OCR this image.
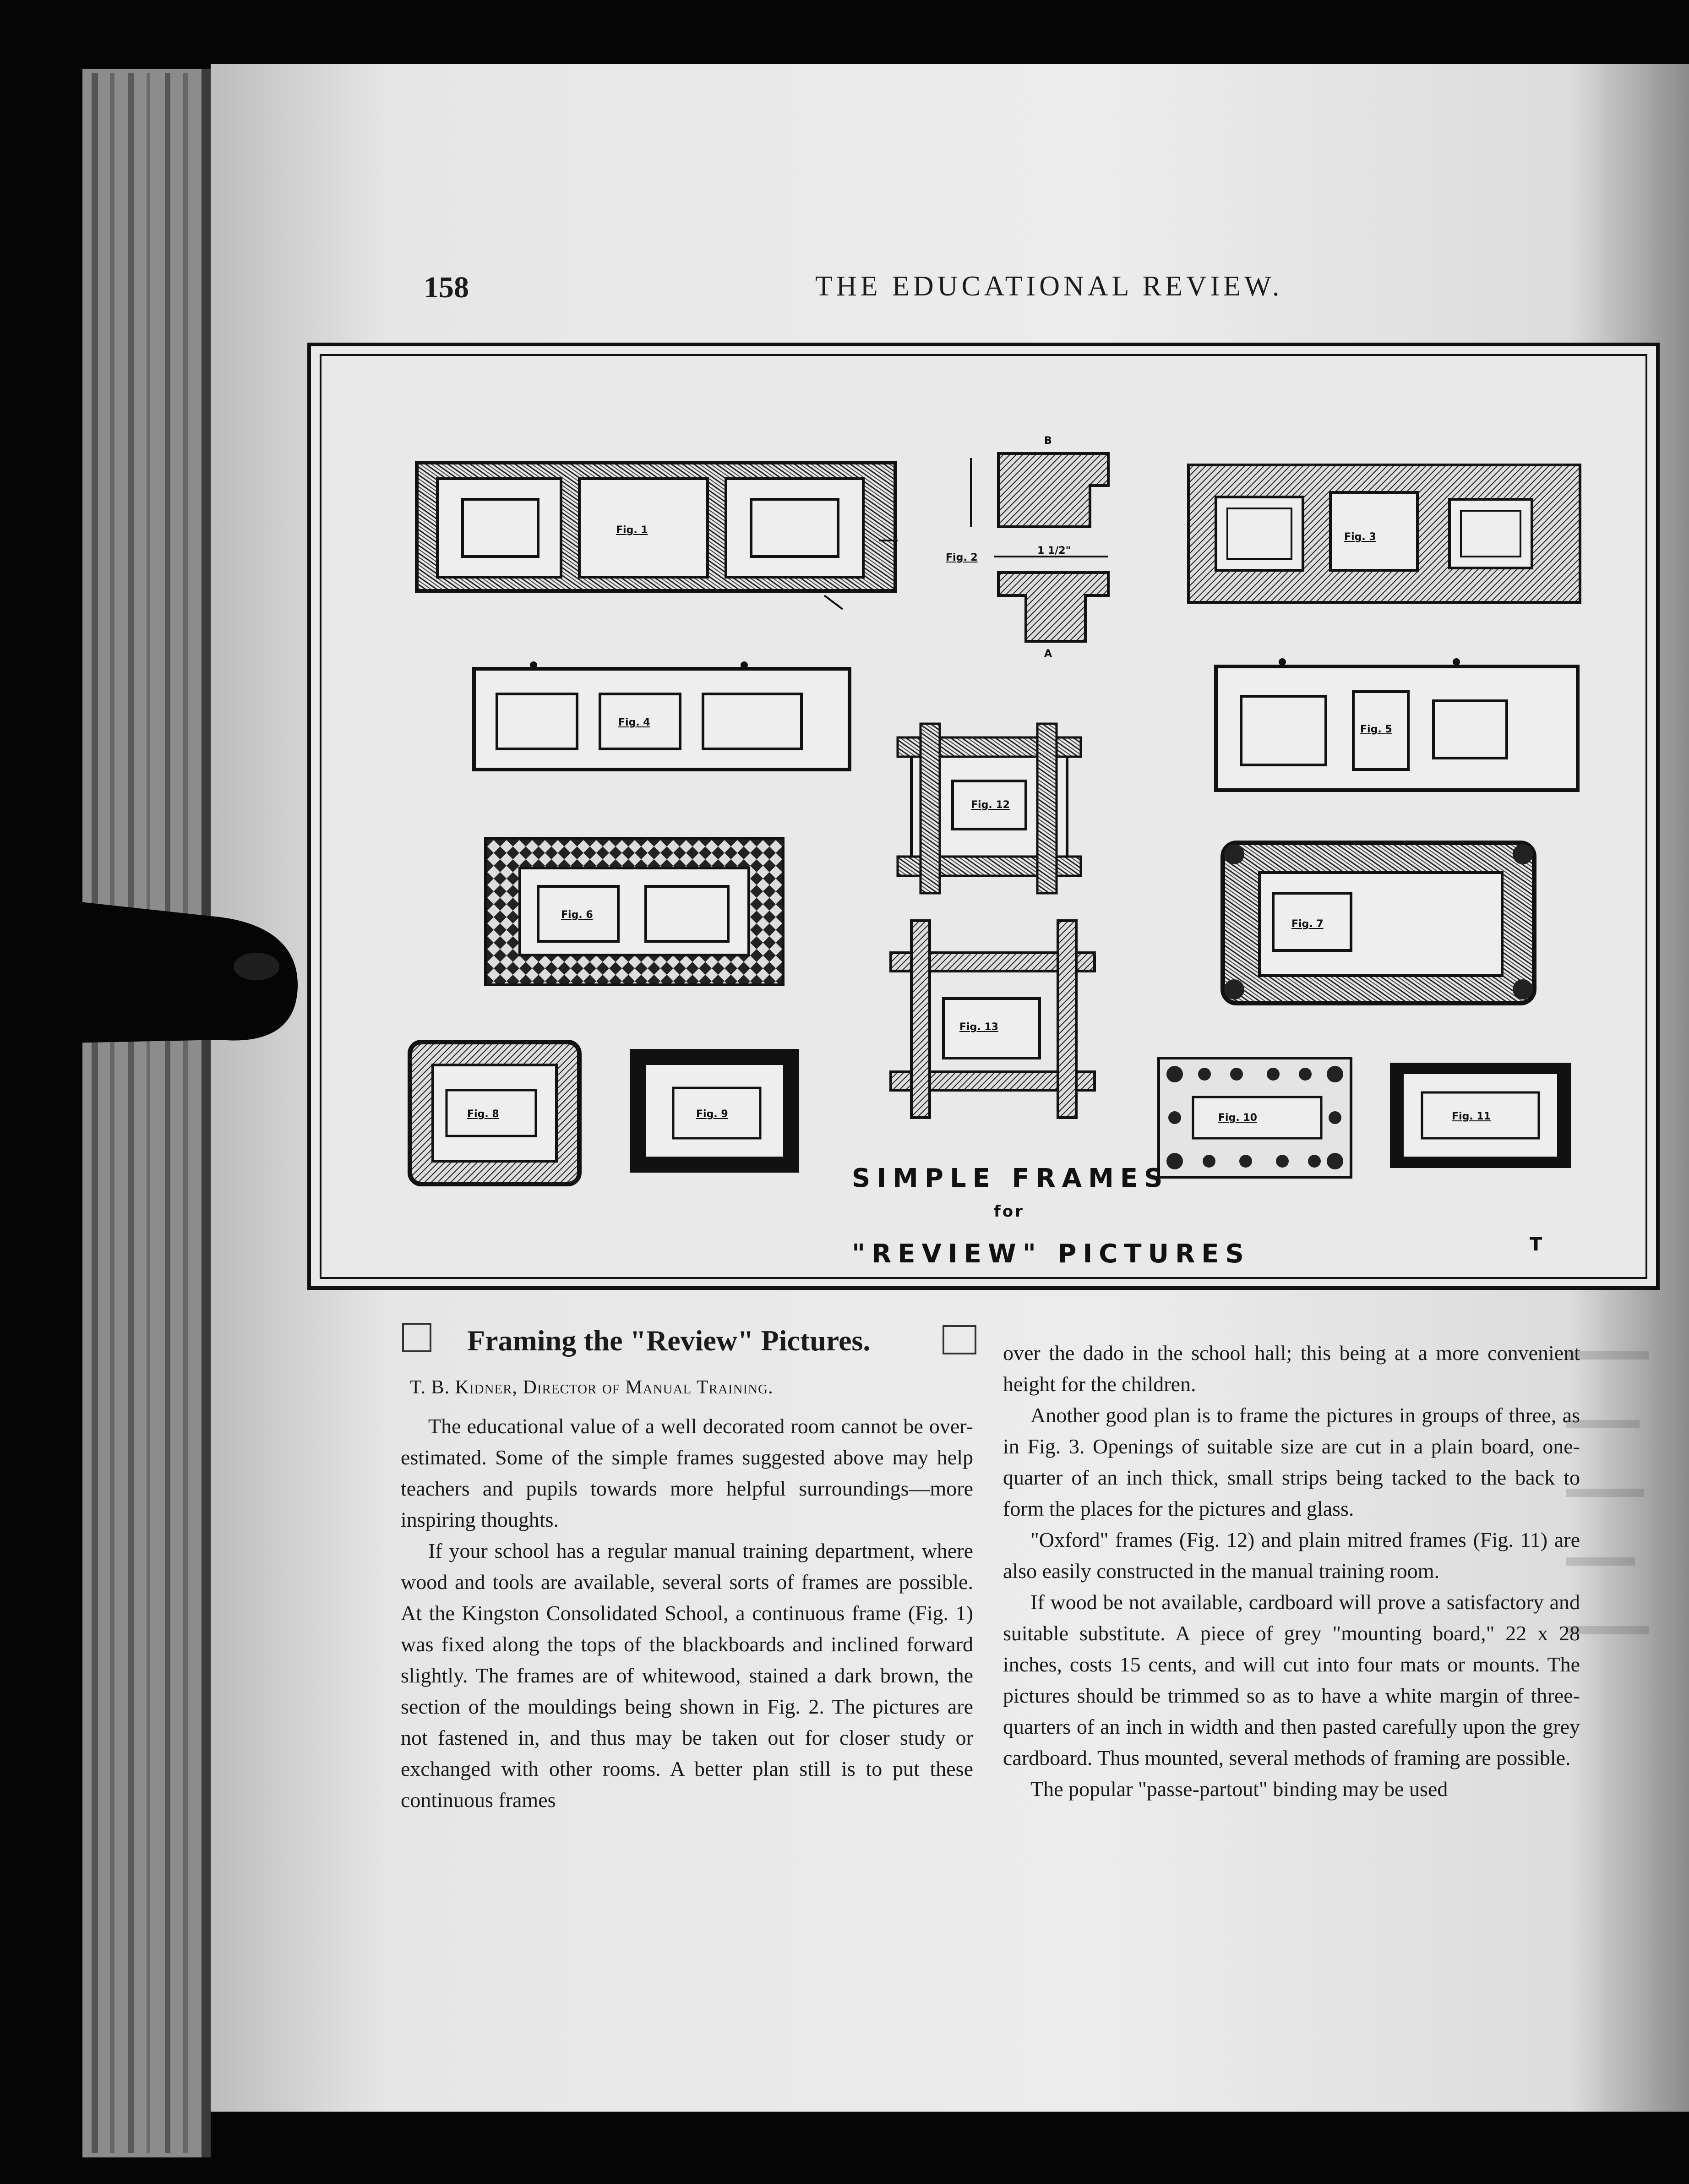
T
158	THE EDUCATIONAL REVIEW.
Fig. 1
Fig. 2
Fig. 3
Fig. 4
Fig. 5
Fig. 6
Fig. 7
Fig. 8	Fig. 9	Fig. 10	Fig. 11
Fig. 12
Fig. 13
B
A
1 1/2"
SIMPLE FRAMES
for
"REVIEW" PICTURES
Framing the "Review" Pictures.
T. B. Kidner, Director of Manual Training.

The educational value of a well decorated room cannot be over-estimated. Some of the simple frames suggested above may help teachers and pupils towards more helpful surroundings—more inspiring thoughts.

If your school has a regular manual training department, where wood and tools are available, several sorts of frames are possible. At the Kingston Consolidated School, a continuous frame (Fig. 1) was fixed along the tops of the blackboards and inclined forward slightly. The frames are of whitewood, stained a dark brown, the section of the mouldings being shown in Fig. 2. The pictures are not fastened in, and thus may be taken out for closer study or exchanged with other rooms. A better plan still is to put these continuous frames

over the dado in the school hall; this being at a more convenient height for the children.

Another good plan is to frame the pictures in groups of three, as in Fig. 3. Openings of suitable size are cut in a plain board, one-quarter of an inch thick, small strips being tacked to the back to form the places for the pictures and glass.

"Oxford" frames (Fig. 12) and plain mitred frames (Fig. 11) are also easily constructed in the manual training room.

If wood be not available, cardboard will prove a satisfactory and suitable substitute. A piece of grey "mounting board," 22 x 28 inches, costs 15 cents, and will cut into four mats or mounts. The pictures should be trimmed so as to have a white margin of three-quarters of an inch in width and then pasted carefully upon the grey cardboard. Thus mounted, several methods of framing are possible.

The popular "passe-partout" binding may be used
